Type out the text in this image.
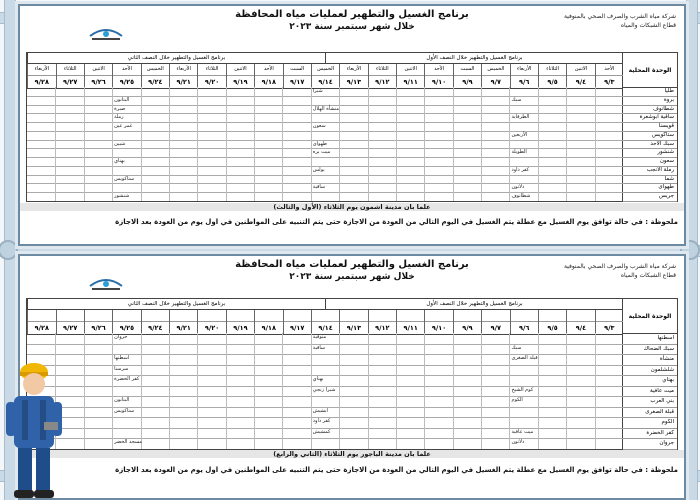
شركة مياه الشرب والصرف الصحي بالمنوفية
قطاع الشبكات والمياه
برنامج الغسيل والتطهير لعمليات مياه المحافظة
خلال شهر سبتمبر سنة ٢٠٢٣
الوحدة المحلية
طليا
بروة
شطانوف
ساقية ابوشعرة
قويسنا
ستاكويس
سبك الأحد
شنشور
سعون
رملة الأنجب
شما
طهواى
جريس
برنامج الغسيل والتطهير خلال النصف الأول
برنامج الغسيل والتطهير خلال النصف الثاني
الأحد
٩/٣
الاثنين
٩/٤
الثلاثاء
٩/٥
الأربعاء
٩/٦
الخميس
٩/٧
السبت
٩/٩
الأحد
٩/١٠
الاثنين
٩/١١
الثلاثاء
٩/١٢
الأربعاء
٩/١٣
الخميس
٩/١٤
السبت
٩/١٧
الأحد
٩/١٨
الاثنين
٩/١٩
الثلاثاء
٩/٢٠
الأربعاء
٩/٢١
الخميس
٩/٢٤
الأحد
٩/٢٥
الاثنين
٩/٢٦
الثلاثاء
٩/٢٧
الأربعاء
٩/٢٨
صبرة
ميت بره
شطانوف
غمر عين
بولس
سبك
شبين
ساقية
الطرفاية
بهناي
شبرا
الأربعين
ستاكويس
منشأة الهلال
الطويلة
شنشور
سعون
كفر داود
البتانون
طهواى
دلاتون
رملة
علما بان مدينة اشمون يوم الثلاثاء (الأول والثالث)
ملحوظة : في حالة توافق يوم الغسيل مع عطلة يتم الغسيل في اليوم التالي من العودة من الاجازة حتى يتم التنبيه على المواطنين في اول يوم من العودة بعد الاجازة
شركة مياه الشرب والصرف الصحي بالمنوفية
قطاع الشبكات والمياه
برنامج الغسيل والتطهير لعمليات مياه المحافظة
خلال شهر سبتمبر سنة ٢٠٢٣
الوحدة المحلية
اسطنها
سبك الضحاك
منشأة
شلشلمون
بهناي
ميت عافية
بني العرب
قبلة الصغرى
الكوم
كفر الخضرة
جروان
برنامج الغسيل والتطهير خلال النصف الأول
برنامج الغسيل والتطهير خلال النصف الثاني
٩/٣
٩/٤
٩/٥
٩/٦
٩/٧
٩/٩
٩/١٠
٩/١١
٩/١٢
٩/١٣
٩/١٤
٩/١٧
٩/١٨
٩/١٩
٩/٢٠
٩/٢١
٩/٢٤
٩/٢٥
٩/٢٦
٩/٢٧
٩/٢٨
اسطنها
ابشيش
سبك
البتانون
منوفية
كوم الشيخ
مسجد الخضر
بهناي
ميت عافية
سرسنا
كفر داود
قبلة الصغرى
ستاكويس
ساقية
الكوم
جروان
شبرا زنجي
دلاتون
كفر الخضرة
كمشيش
علما بان مدينة الباجور يوم الثلاثاء (الثاني والرابع)
ملحوظة : في حالة توافق يوم الغسيل مع عطلة يتم الغسيل في اليوم التالي من العودة من الاجازة حتى يتم التنبيه على المواطنين في اول يوم من العودة بعد الاجازة
